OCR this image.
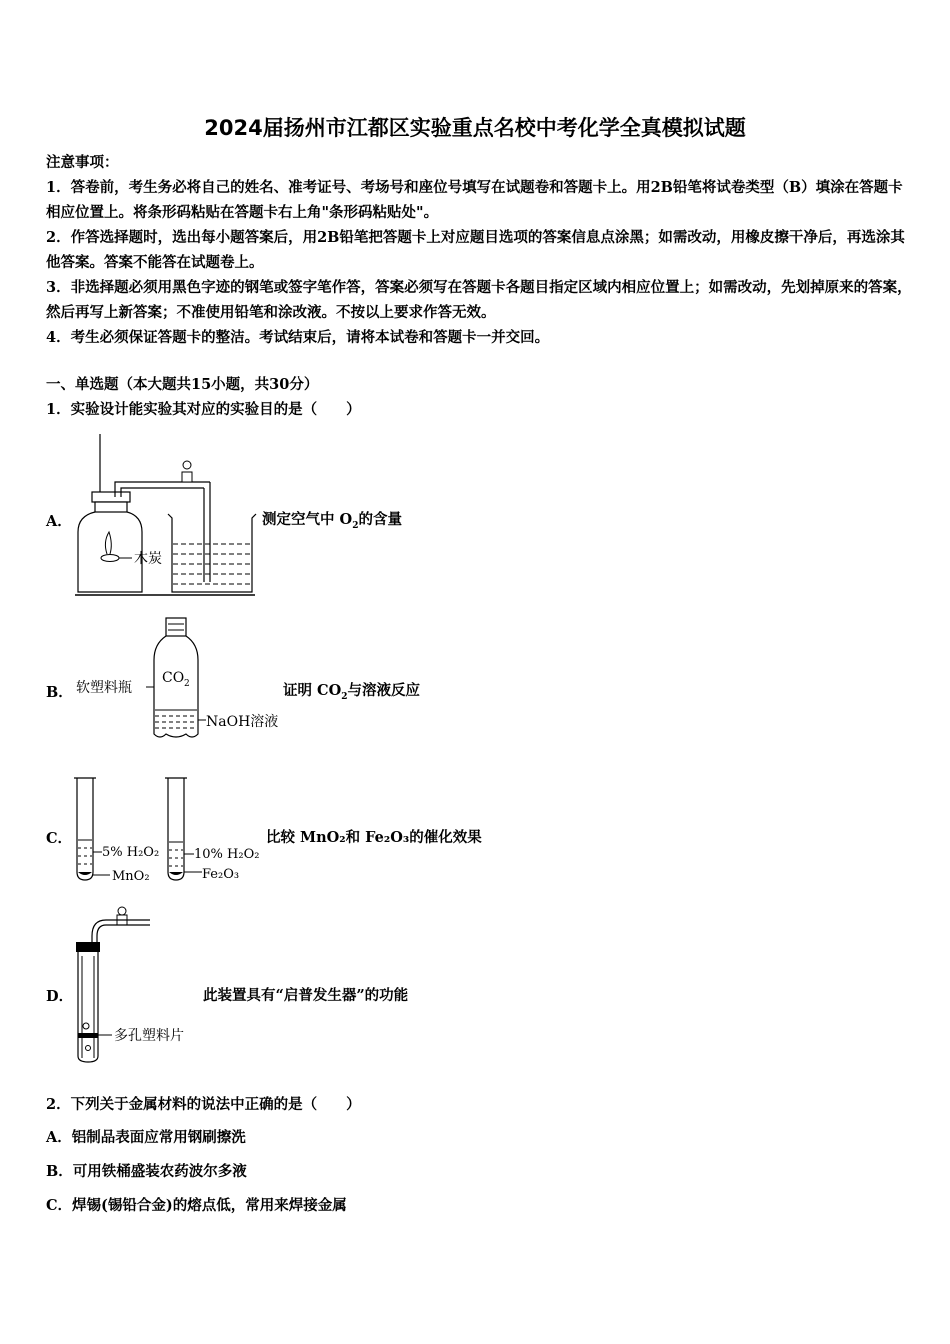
2024届扬州市江都区实验重点名校中考化学全真模拟试题
注意事项：
1．答卷前，考生务必将自己的姓名、准考证号、考场号和座位号填写在试题卷和答题卡上。用2B铅笔将试卷类型（B）填涂在答题卡相应位置上。将条形码粘贴在答题卡右上角"条形码粘贴处"。
2．作答选择题时，选出每小题答案后，用2B铅笔把答题卡上对应题目选项的答案信息点涂黑；如需改动，用橡皮擦干净后，再选涂其他答案。答案不能答在试题卷上。
3．非选择题必须用黑色字迹的钢笔或签字笔作答，答案必须写在答题卡各题目指定区域内相应位置上；如需改动，先划掉原来的答案，然后再写上新答案；不准使用铅笔和涂改液。不按以上要求作答无效。
4．考生必须保证答题卡的整洁。考试结束后，请将本试卷和答题卡一并交回。
一、单选题（本大题共15小题，共30分）
1．实验设计能实验其对应的实验目的是（　　）
A．
木炭
测定空气中 $O_2$的含量
B． 软塑料瓶
CO 2
NaOH溶液
证明 $CO_2$与溶液反应
C．
5% H₂O₂
MnO₂
10% H₂O₂
Fe₂O₃
比较 MnO₂和 Fe₂O₃的催化效果
D．
多孔塑料片
此装置具有“启普发生器”的功能
2．下列关于金属材料的说法中正确的是（　　）
A．铝制品表面应常用钢刷擦洗
B．可用铁桶盛装农药波尔多液
C．焊锡(锡铅合金)的熔点低，常用来焊接金属
